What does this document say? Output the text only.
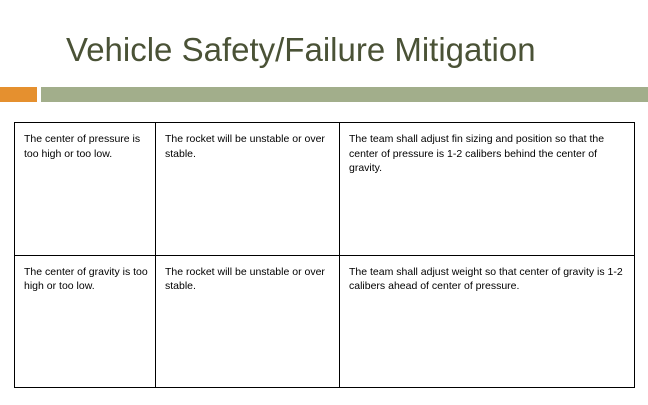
Vehicle Safety/Failure Mitigation
The center of pressure is too high or too low.	The rocket will be unstable or over stable.	The team shall adjust fin sizing and position so that the center of pressure is 1-2 calibers behind the center of gravity.
The center of gravity is too high or too low.	The rocket will be unstable or over stable.	The team shall adjust weight so that center of gravity is 1-2 calibers ahead of center of pressure.
